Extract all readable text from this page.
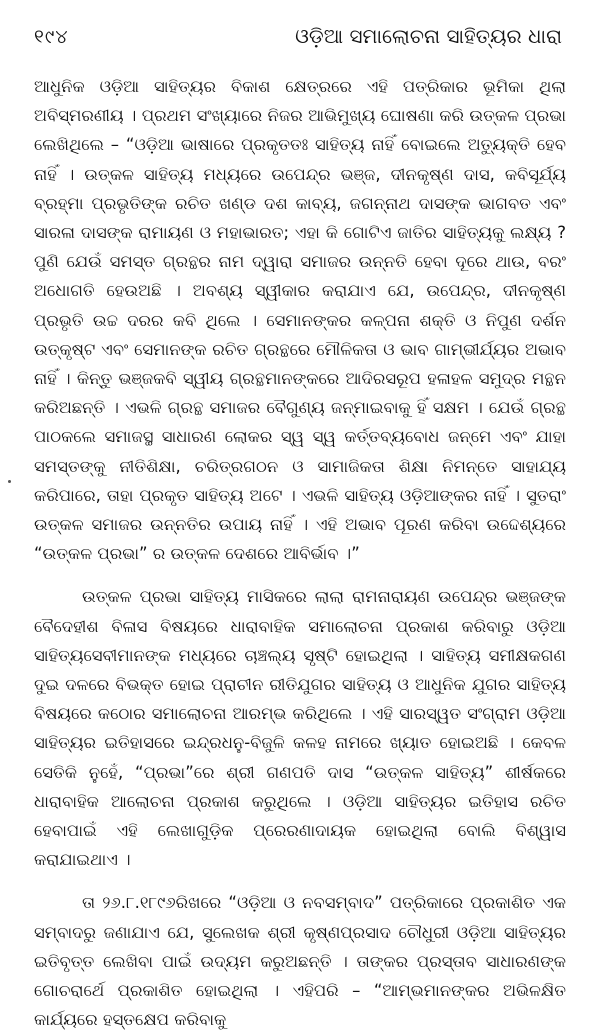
୧୯୪	ଓଡ଼ିଆ ସମାଲୋଚନା ସାହିତ୍ୟର ଧାରା

ଆଧୁନିକ ଓଡ଼ିଆ ସାହିତ୍ୟର ବିକାଶ କ୍ଷେତ୍ରରେ ଏହି ପତ୍ରିକାର ଭୂମିକା ଥିଲା ଅବିସ୍ମରଣୀୟ । ପ୍ରଥମ ସଂଖ୍ୟାରେ ନିଜର ଆଭିମୁଖ୍ୟ ଘୋଷଣା କରି ଉତ୍କଳ ପ୍ରଭା ଲେଖିଥିଲେ – “ଓଡ଼ିଆ ଭାଷାରେ ପ୍ରକୃତତଃ ସାହିତ୍ୟ ନାହିଁ ବୋଇଲେ ଅତ୍ୟୁକ୍ତି ହେବ ନାହିଁ । ଉତ୍କଳ ସାହିତ୍ୟ ମଧ୍ୟରେ ଉପେନ୍ଦ୍ର ଭଞ୍ଜ, ଦୀନକୃଷ୍ଣ ଦାସ, କବିସୂର୍ଯ୍ୟ ବ୍ରହ୍ମା ପ୍ରଭୃତିଙ୍କ ରଚିତ ଖଣ୍ଡ ଦଶ କାବ୍ୟ, ଜଗନ୍ନାଥ ଦାସଙ୍କ ଭାଗବତ ଏବଂ ସାରଳା ଦାସଙ୍କ ରାମାୟଣ ଓ ମହାଭାରତ; ଏହା କି ଗୋଟିଏ ଜାତିର ସାହିତ୍ୟକୁ ଲକ୍ଷ୍ୟ ? ପୁଣି ଯେଉଁ ସମସ୍ତ ଗ୍ରନ୍ଥର ନାମ ଦ୍ୱାରା ସମାଜର ଉନ୍ନତି ହେବା ଦୂରେ ଥାଉ, ବରଂ ଅଧୋଗତି ହେଉଅଛି । ଅବଶ୍ୟ ସ୍ୱୀକାର କରାଯାଏ ଯେ, ଉପେନ୍ଦ୍ର, ଦୀନକୃଷ୍ଣ ପ୍ରଭୃତି ଉଚ୍ଚ ଦରର କବି ଥିଲେ । ସେମାନଙ୍କର କଳ୍ପନା ଶକ୍ତି ଓ ନିପୁଣ ଦର୍ଶନ ଉତ୍କୃଷ୍ଟ ଏବଂ ସେମାନଙ୍କ ରଚିତ ଗ୍ରନ୍ଥରେ ମୌଳିକତା ଓ ଭାବ ଗାମ୍ଭୀର୍ଯ୍ୟର ଅଭାବ ନାହିଁ । କିନ୍ତୁ ଭଞ୍ଜକବି ସ୍ୱୀୟ ଗ୍ରନ୍ଥମାନଙ୍କରେ ଆଦିରସରୂପ ହଳାହଳ ସମୁଦ୍ର ମନ୍ଥନ କରିଅଛନ୍ତି । ଏଭଳି ଗ୍ରନ୍ଥ ସମାଜର ବୈଗୁଣ୍ୟ ଜନ୍ମାଇବାକୁ ହିଁ ସକ୍ଷମ । ଯେଉଁ ଗ୍ରନ୍ଥ ପାଠକଲେ ସମାଜସ୍ଥ ସାଧାରଣ ଲୋକର ସ୍ୱ ସ୍ୱ କର୍ତ୍ତବ୍ୟବୋଧ ଜନ୍ମେ ଏବଂ ଯାହା ସମସ୍ତଙ୍କୁ ନୀତିଶିକ୍ଷା, ଚରିତ୍ରଗଠନ ଓ ସାମାଜିକତା ଶିକ୍ଷା ନିମନ୍ତେ ସାହାଯ୍ୟ କରିପାରେ, ତାହା ପ୍ରକୃତ ସାହିତ୍ୟ ଅଟେ । ଏଭଳି ସାହିତ୍ୟ ଓଡ଼ିଆଙ୍କର ନାହିଁ । ସୁତରାଂ ଉତ୍କଳ ସମାଜର ଉନ୍ନତିର ଉପାୟ ନାହିଁ । ଏହି ଅଭାବ ପୂରଣ କରିବା ଉଦ୍ଦେଶ୍ୟରେ “ଉତ୍କଳ ପ୍ରଭା” ର ଉତ୍କଳ ଦେଶରେ ଆବିର୍ଭାବ ।”

ଉତ୍କଳ ପ୍ରଭା ସାହିତ୍ୟ ମାସିକରେ ଲାଲା ରାମନାରାୟଣ ଉପେନ୍ଦ୍ର ଭଞ୍ଜଙ୍କ ବୈଦେହୀଶ ବିଳାସ ବିଷୟରେ ଧାରାବାହିକ ସମାଲୋଚନା ପ୍ରକାଶ କରିବାରୁ ଓଡ଼ିଆ ସାହିତ୍ୟସେବୀମାନଙ୍କ ମଧ୍ୟରେ ଚାଞ୍ଚଲ୍ୟ ସୃଷ୍ଟି ହୋଇଥିଲା । ସାହିତ୍ୟ ସମୀକ୍ଷକଗଣ ଦୁଇ ଦଳରେ ବିଭକ୍ତ ହୋଇ ପ୍ରାଚୀନ ରୀତିଯୁଗର ସାହିତ୍ୟ ଓ ଆଧୁନିକ ଯୁଗର ସାହିତ୍ୟ ବିଷୟରେ କଠୋର ସମାଲୋଚନା ଆରମ୍ଭ କରିଥିଲେ । ଏହି ସାରସ୍ୱତ ସଂଗ୍ରାମ ଓଡ଼ିଆ ସାହିତ୍ୟର ଇତିହାସରେ ଇନ୍ଦ୍ରଧନୁ-ବିଜୁଳି କଳହ ନାମରେ ଖ୍ୟାତ ହୋଇଅଛି । କେବଳ ସେତିକି ନୁହେଁ, “ପ୍ରଭା”ରେ ଶ୍ରୀ ଗଣପତି ଦାସ “ଉତ୍କଳ ସାହିତ୍ୟ” ଶୀର୍ଷକରେ ଧାରାବାହିକ ଆଲୋଚନା ପ୍ରକାଶ କରୁଥିଲେ । ଓଡ଼ିଆ ସାହିତ୍ୟର ଇତିହାସ ରଚିତ ହେବାପାଇଁ ଏହି ଲେଖାଗୁଡ଼ିକ ପ୍ରେରଣାଦାୟକ ହୋଇଥିଲା ବୋଲି ବିଶ୍ୱାସ କରାଯାଇଥାଏ ।

ତା ୨୬.୮.୧୮୯୬ରିଖରେ “ଓଡ଼ିଆ ଓ ନବସମ୍ବାଦ” ପତ୍ରିକାରେ ପ୍ରକାଶିତ ଏକ ସମ୍ବାଦରୁ ଜଣାଯାଏ ଯେ, ସୁଲେଖକ ଶ୍ରୀ କୃଷ୍ଣପ୍ରସାଦ ଚୌଧୁରୀ ଓଡ଼ିଆ ସାହିତ୍ୟର ଇତିବୃତ୍ତ ଲେଖିବା ପାଇଁ ଉଦ୍ୟମ କରୁଅଛନ୍ତି । ତାଙ୍କର ପ୍ରସ୍ତାବ ସାଧାରଣଙ୍କ ଗୋଚରାର୍ଥେ ପ୍ରକାଶିତ ହୋଇଥିଲା । ଏହିପରି – “ଆମ୍ଭମାନଙ୍କର ଅଭିଳକ୍ଷିତ କାର୍ଯ୍ୟରେ ହସ୍ତକ୍ଷେପ କରିବାକୁ
